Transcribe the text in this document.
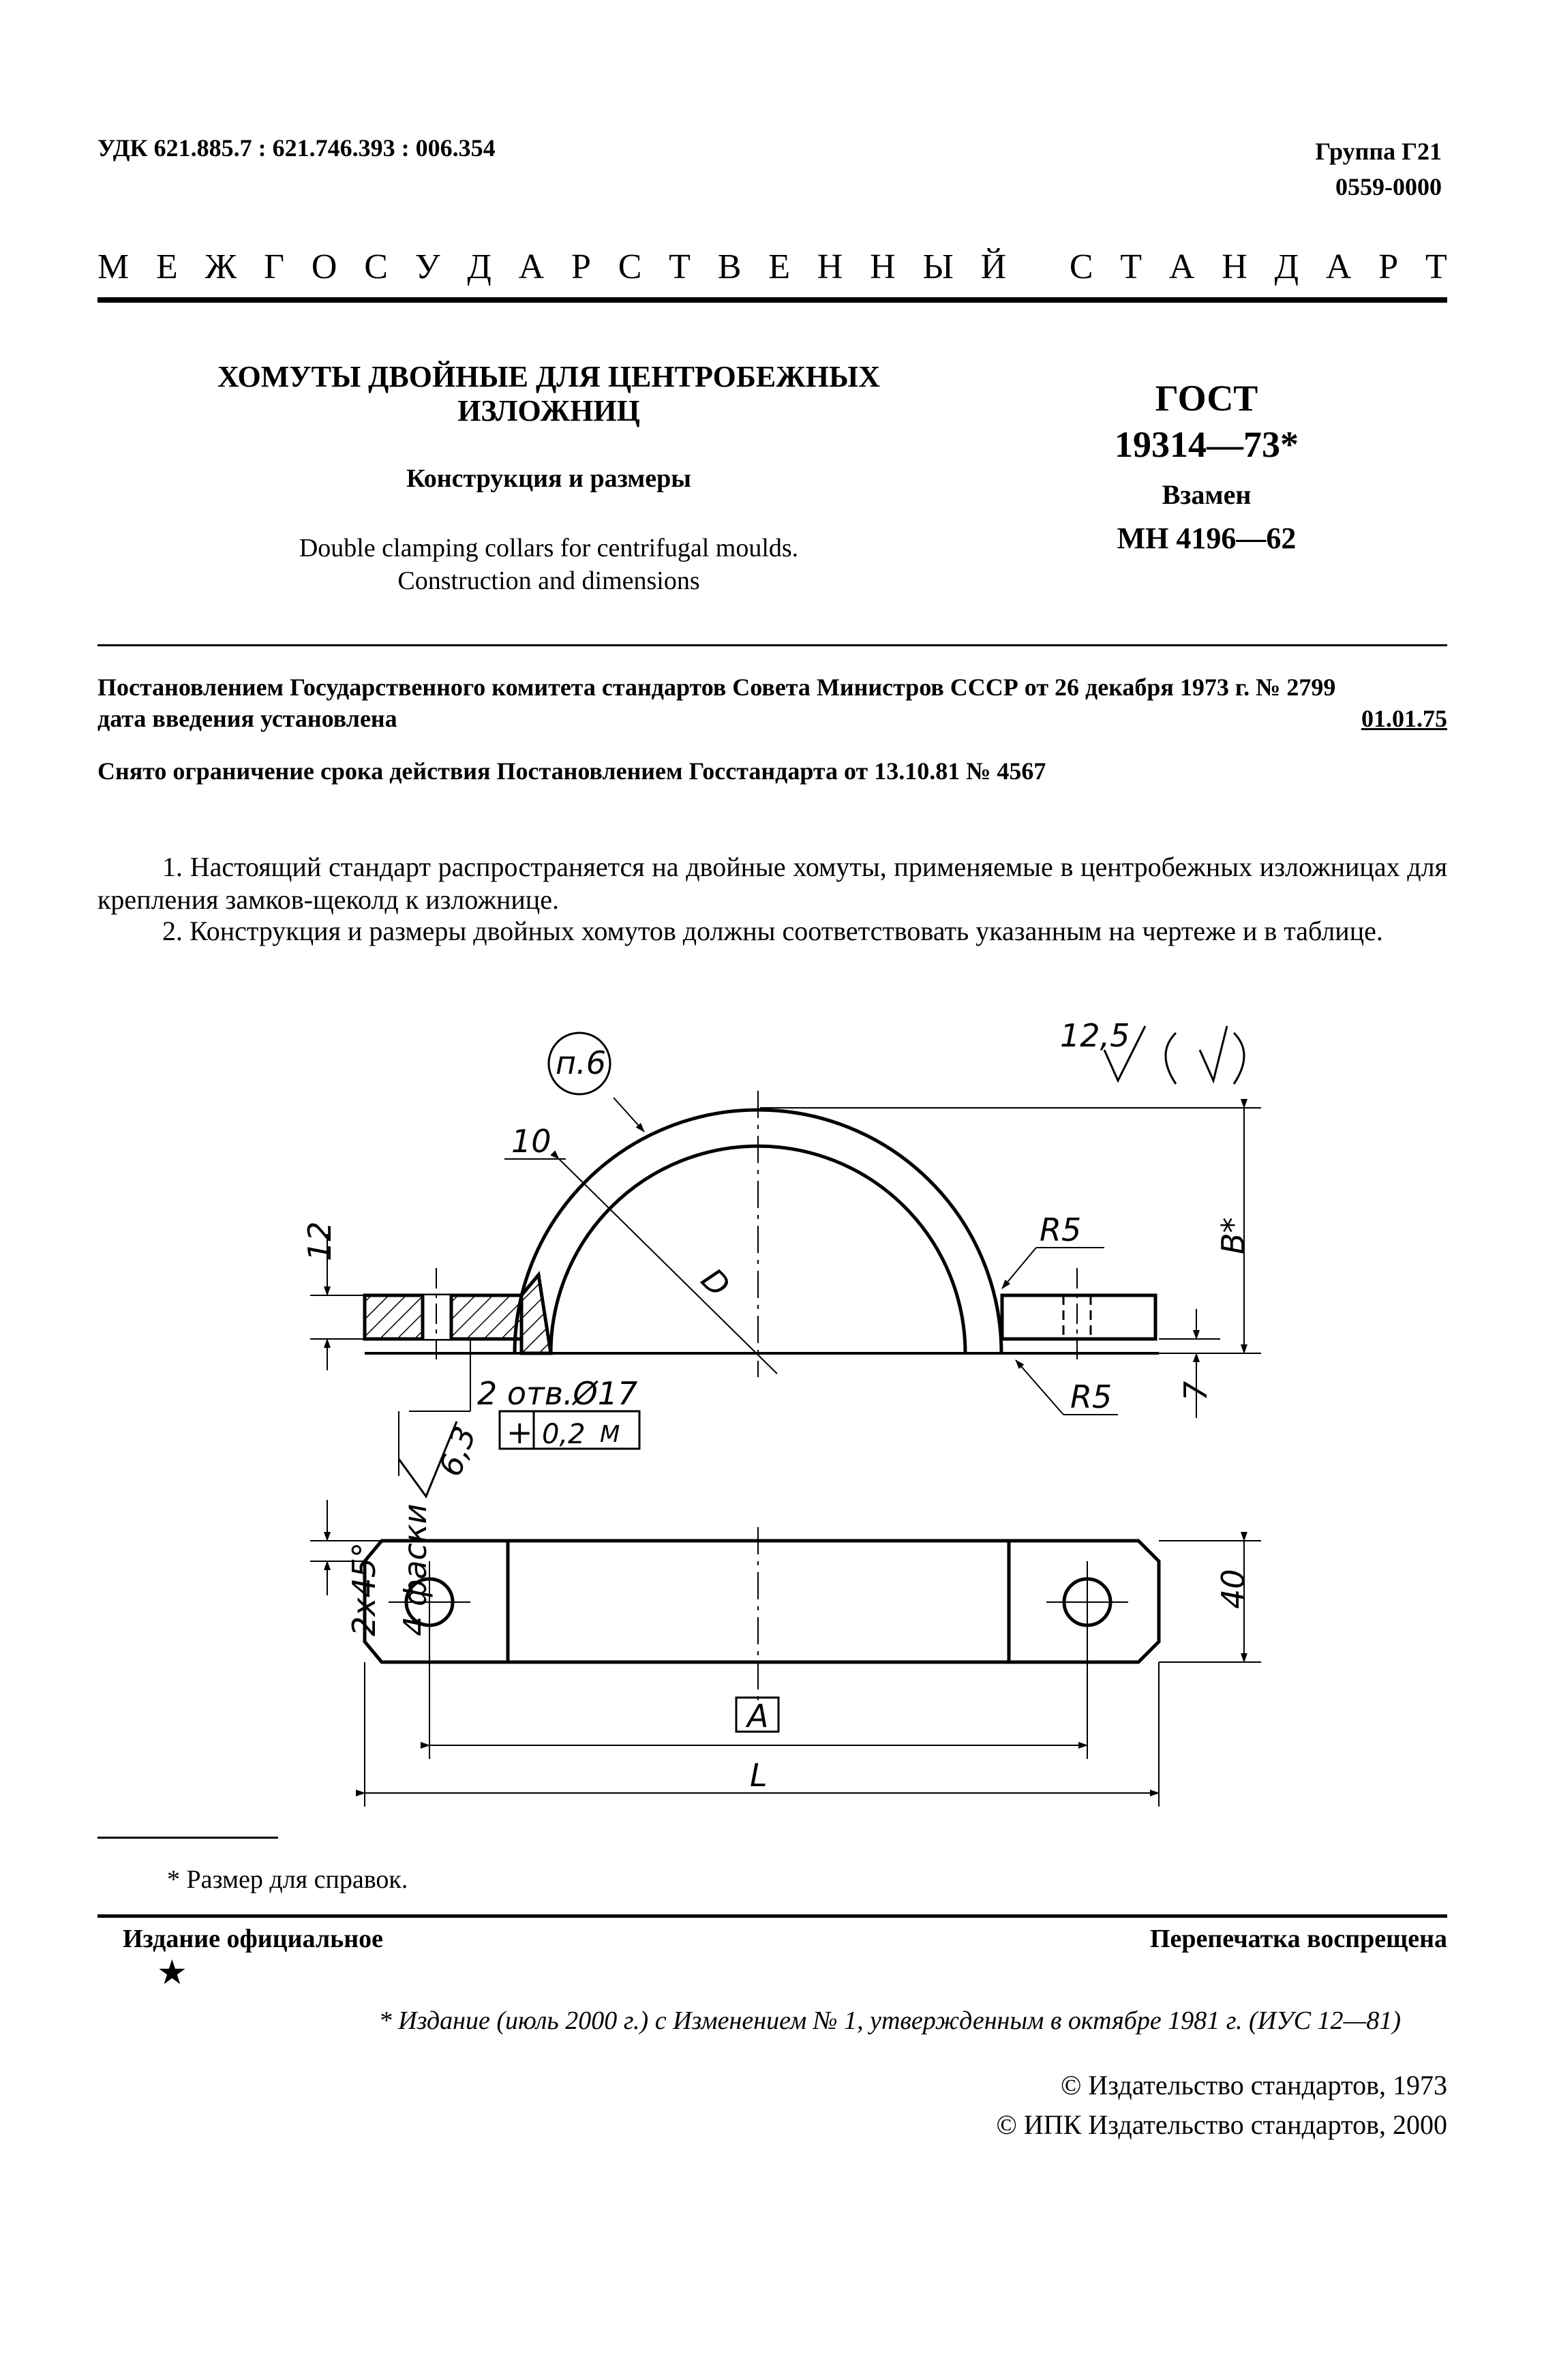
УДК 621.885.7 : 621.746.393 : 006.354	Группа Г21
0559-0000
М Е Ж Г О С У Д А Р С Т В Е Н Н Ы Й
С Т А Н Д А Р Т
ХОМУТЫ ДВОЙНЫЕ ДЛЯ ЦЕНТРОБЕЖНЫХ
ИЗЛОЖНИЦ
Конструкция и размеры
Double clamping collars for centrifugal moulds.
Construction and dimensions
ГОСТ
19314—73*
Взамен
МН 4196—62
Постановлением Государственного комитета стандартов Совета Министров СССР от 26 декабря 1973 г. № 2799
дата введения установлена	01.01.75
Снято ограничение срока действия Постановлением Госстандарта от 13.10.81 № 4567
1. Настоящий стандарт распространяется на двойные хомуты, применяемые в центробежных изложницах для крепления замков-щеколд к изложнице.
2. Конструкция и размеры двойных хомутов должны соответствовать указанным на чертеже и в таблице.
п.6
10
12,5
R5
R5
D
B*
7
12
2 отв.Ø17
+ 0,2 M
6,3
2х45° 4 фаски	40
A
L
* Размер для справок.
Издание официальное	Перепечатка воспрещена
★
* Издание (июль 2000 г.) с Изменением № 1, утвержденным в октябре 1981 г. (ИУС 12—81)
© Издательство стандартов, 1973
© ИПК Издательство стандартов, 2000
